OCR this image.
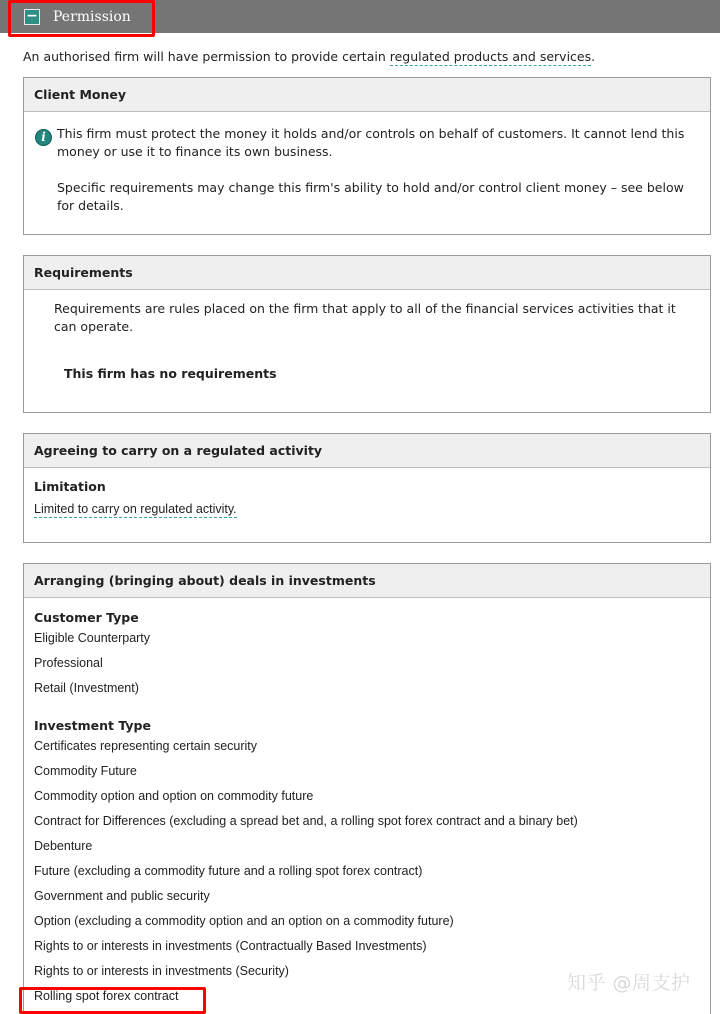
− Permission
An authorised firm will have permission to provide certain regulated products and services.
Client Money
i This firm must protect the money it holds and/or controls on behalf of customers. It cannot lend this money or use it to finance its own business.
Specific requirements may change this firm's ability to hold and/or control client money – see below for details.
Requirements
Requirements are rules placed on the firm that apply to all of the financial services activities that it can operate.
This firm has no requirements
Agreeing to carry on a regulated activity
Limitation
Limited to carry on regulated activity.
Arranging (bringing about) deals in investments
Customer Type
Eligible Counterparty
Professional
Retail (Investment)
Investment Type
Certificates representing certain security
Commodity Future
Commodity option and option on commodity future
Contract for Differences (excluding a spread bet and, a rolling spot forex contract and a binary bet)
Debenture
Future (excluding a commodity future and a rolling spot forex contract)
Government and public security
Option (excluding a commodity option and an option on a commodity future)
Rights to or interests in investments (Contractually Based Investments)
Rights to or interests in investments (Security)
Rolling spot forex contract
知乎 @周支护
